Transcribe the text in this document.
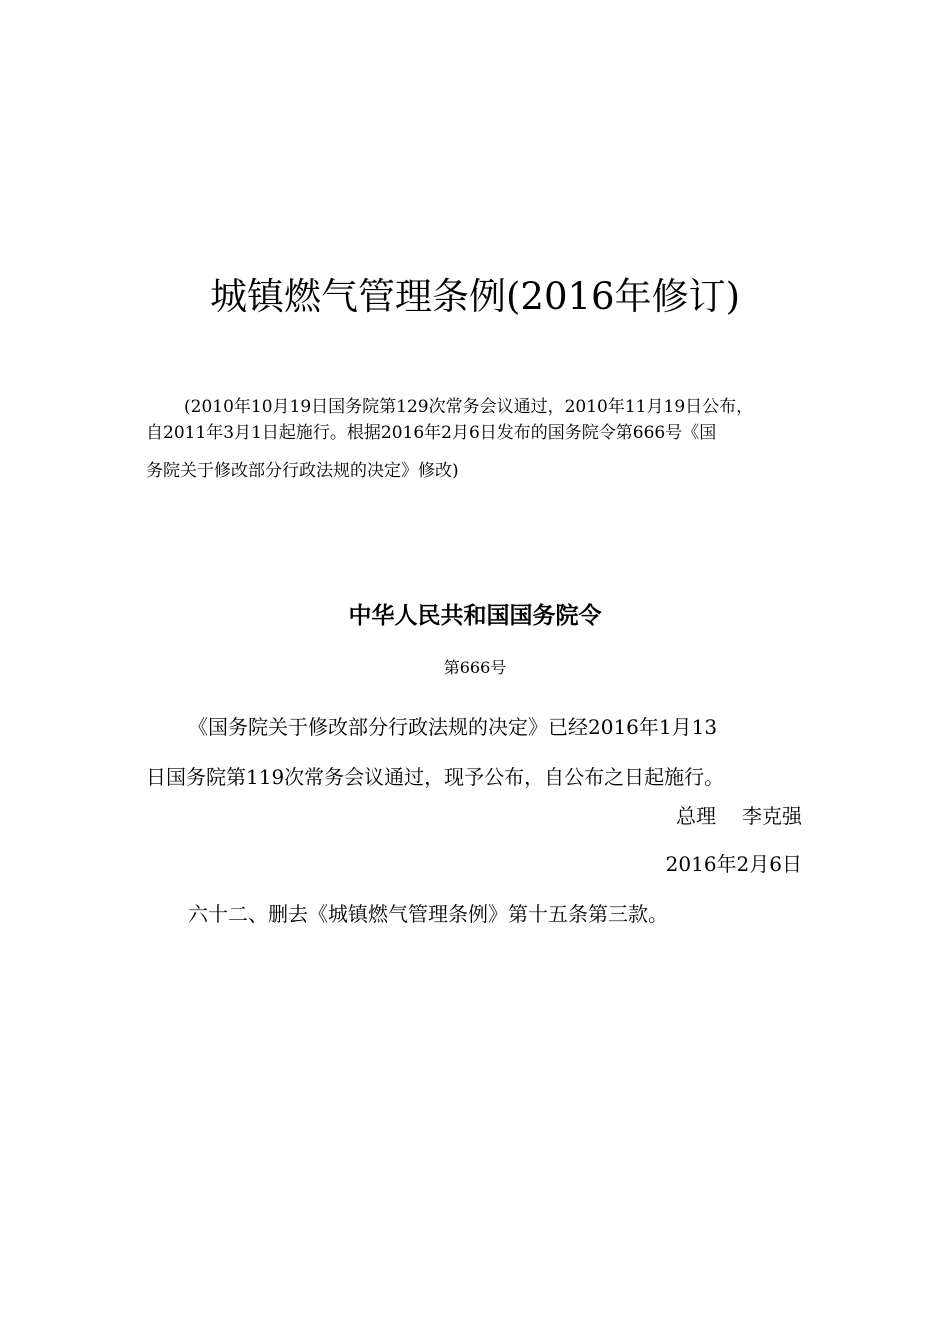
城镇燃气管理条例(2016年修订)
(2010年10月19日国务院第129次常务会议通过，2010年11月19日公布，
自2011年3月1日起施行。根据2016年2月6日发布的国务院令第666号《国
务院关于修改部分行政法规的决定》修改)
中华人民共和国国务院令
第666号
《国务院关于修改部分行政法规的决定》已经2016年1月13
日国务院第119次常务会议通过，现予公布，自公布之日起施行。
总理 李克强
2016年2月6日
六十二、删去《城镇燃气管理条例》第十五条第三款。
